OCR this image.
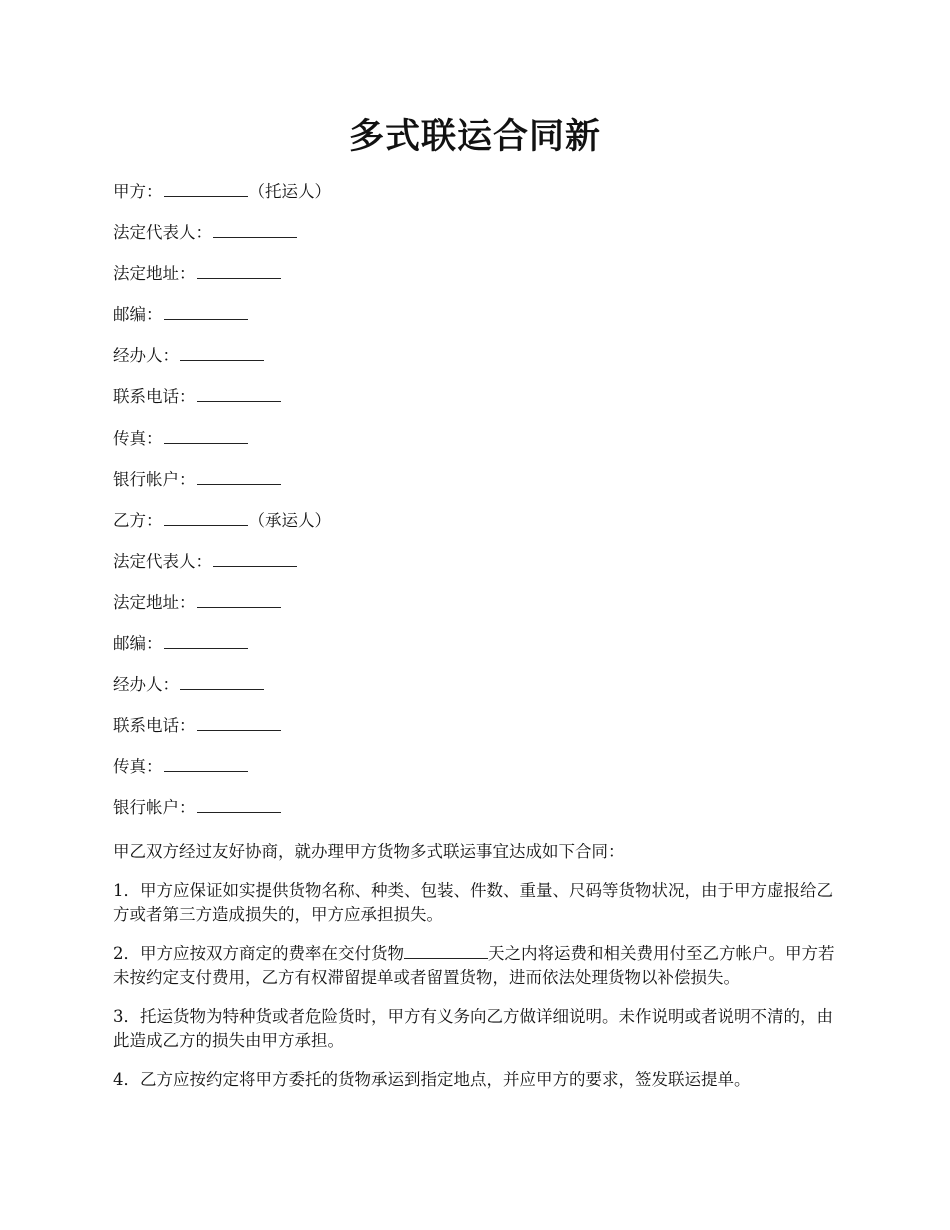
多式联运合同新
甲方：	（托运人）
法定代表人：
法定地址：
邮编：
经办人：
联系电话：
传真：
银行帐户：
乙方：	（承运人）
法定代表人：
法定地址：
邮编：
经办人：
联系电话：
传真：
银行帐户：

甲乙双方经过友好协商，就办理甲方货物多式联运事宜达成如下合同：

1．甲方应保证如实提供货物名称、种类、包装、件数、重量、尺码等货物状况，由于甲方虚报给乙方或者第三方造成损失的，甲方应承担损失。

2．甲方应按双方商定的费率在交付货物	天之内将运费和相关费用付至乙方帐户。甲方若未按约定支付费用，乙方有权滞留提单或者留置货物，进而依法处理货物以补偿损失。

3．托运货物为特种货或者危险货时，甲方有义务向乙方做详细说明。未作说明或者说明不清的，由此造成乙方的损失由甲方承担。

4．乙方应按约定将甲方委托的货物承运到指定地点，并应甲方的要求，签发联运提单。
